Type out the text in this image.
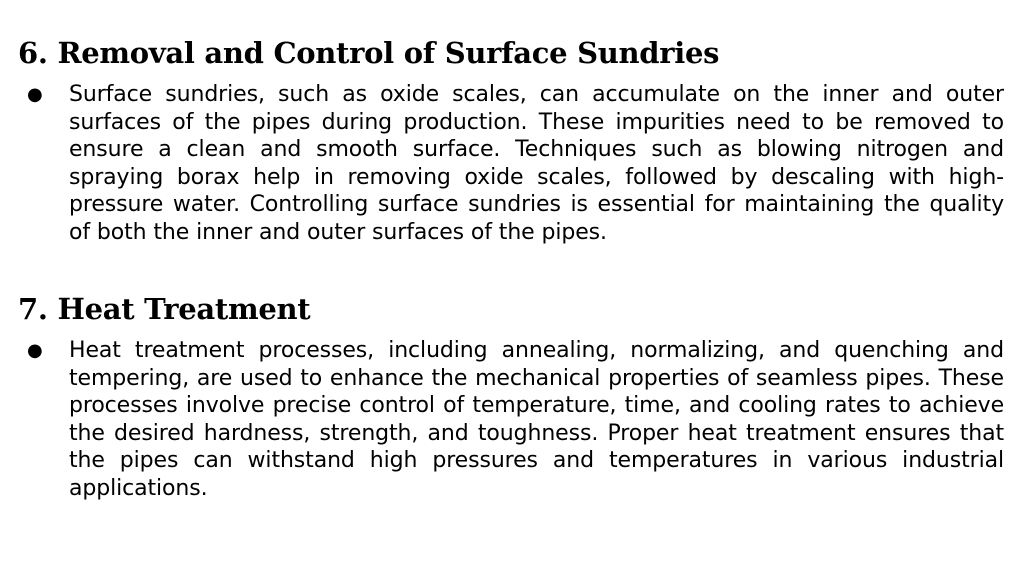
6. Removal and Control of Surface Sundries
● Surface sundries, such as oxide scales, can accumulate on the inner and outer surfaces of the pipes during production. These impurities need to be removed to ensure a clean and smooth surface. Techniques such as blowing nitrogen and spraying borax help in removing oxide scales, followed by descaling with high-pressure water. Controlling surface sundries is essential for maintaining the quality of both the inner and outer surfaces of the pipes.

7. Heat Treatment
● Heat treatment processes, including annealing, normalizing, and quenching and tempering, are used to enhance the mechanical properties of seamless pipes. These processes involve precise control of temperature, time, and cooling rates to achieve the desired hardness, strength, and toughness. Proper heat treatment ensures that the pipes can withstand high pressures and temperatures in various industrial applications.
